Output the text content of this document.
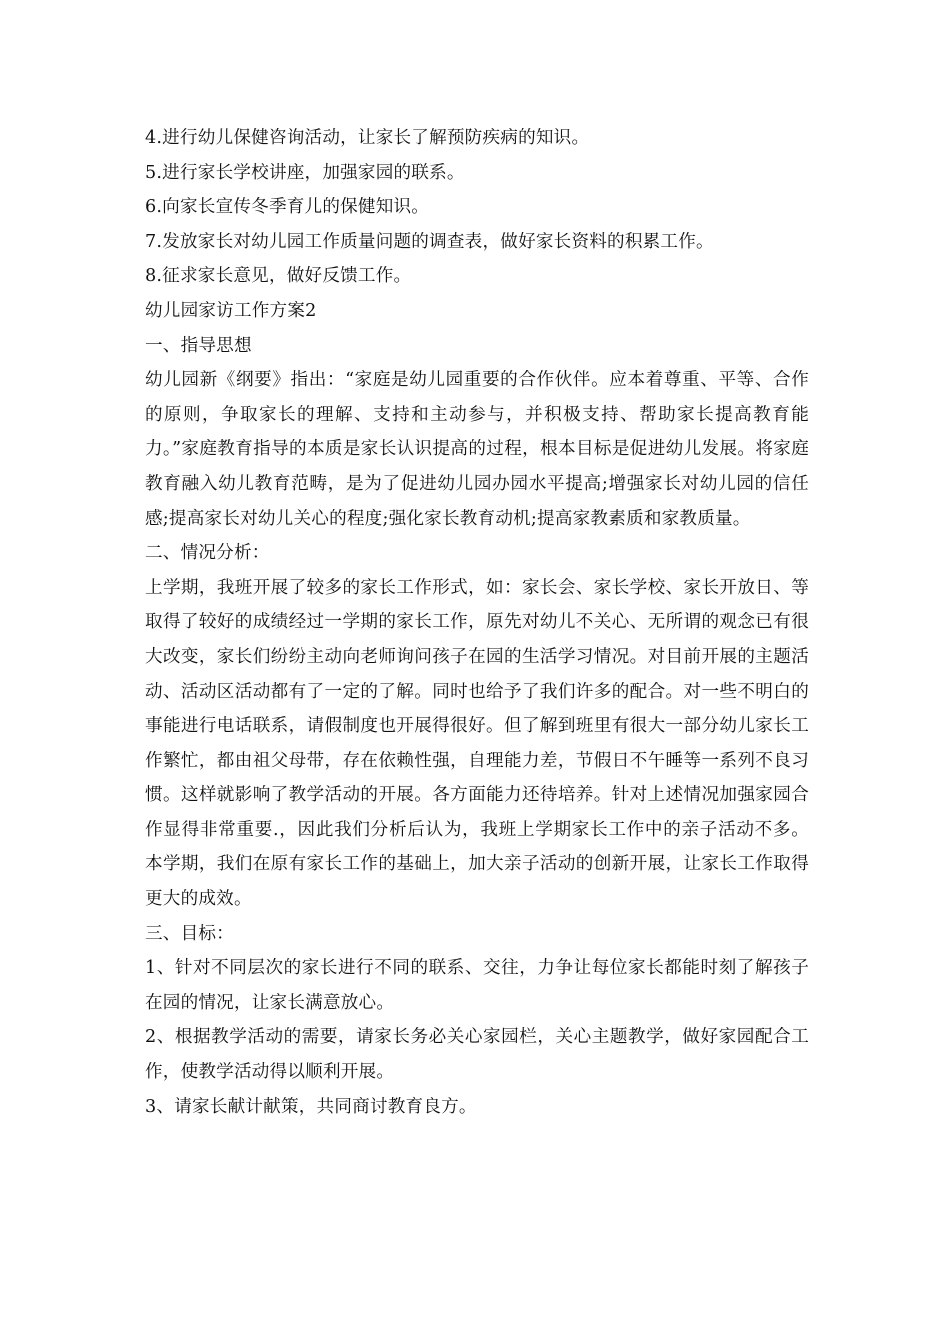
4.进行幼儿保健咨询活动，让家长了解预防疾病的知识。

5.进行家长学校讲座，加强家园的联系。

6.向家长宣传冬季育儿的保健知识。

7.发放家长对幼儿园工作质量问题的调查表，做好家长资料的积累工作。

8.征求家长意见，做好反馈工作。

幼儿园家访工作方案2

一、指导思想

幼儿园新《纲要》指出：“家庭是幼儿园重要的合作伙伴。应本着尊重、平等、合作的原则，争取家长的理解、支持和主动参与，并积极支持、帮助家长提高教育能力。”家庭教育指导的本质是家长认识提高的过程，根本目标是促进幼儿发展。将家庭教育融入幼儿教育范畴，是为了促进幼儿园办园水平提高;增强家长对幼儿园的信任感;提高家长对幼儿关心的程度;强化家长教育动机;提高家教素质和家教质量。

二、情况分析：

上学期，我班开展了较多的家长工作形式，如：家长会、家长学校、家长开放日、等取得了较好的成绩经过一学期的家长工作，原先对幼儿不关心、无所谓的观念已有很大改变，家长们纷纷主动向老师询问孩子在园的生活学习情况。对目前开展的主题活动、活动区活动都有了一定的了解。同时也给予了我们许多的配合。对一些不明白的事能进行电话联系，请假制度也开展得很好。但了解到班里有很大一部分幼儿家长工作繁忙，都由祖父母带，存在依赖性强，自理能力差，节假日不午睡等一系列不良习惯。这样就影响了教学活动的开展。各方面能力还待培养。针对上述情况加强家园合作显得非常重要.，因此我们分析后认为，我班上学期家长工作中的亲子活动不多。本学期，我们在原有家长工作的基础上，加大亲子活动的创新开展，让家长工作取得更大的成效。

三、目标：

1、针对不同层次的家长进行不同的联系、交往，力争让每位家长都能时刻了解孩子在园的情况，让家长满意放心。

2、根据教学活动的需要，请家长务必关心家园栏，关心主题教学，做好家园配合工作，使教学活动得以顺利开展。

3、请家长献计献策，共同商讨教育良方。
